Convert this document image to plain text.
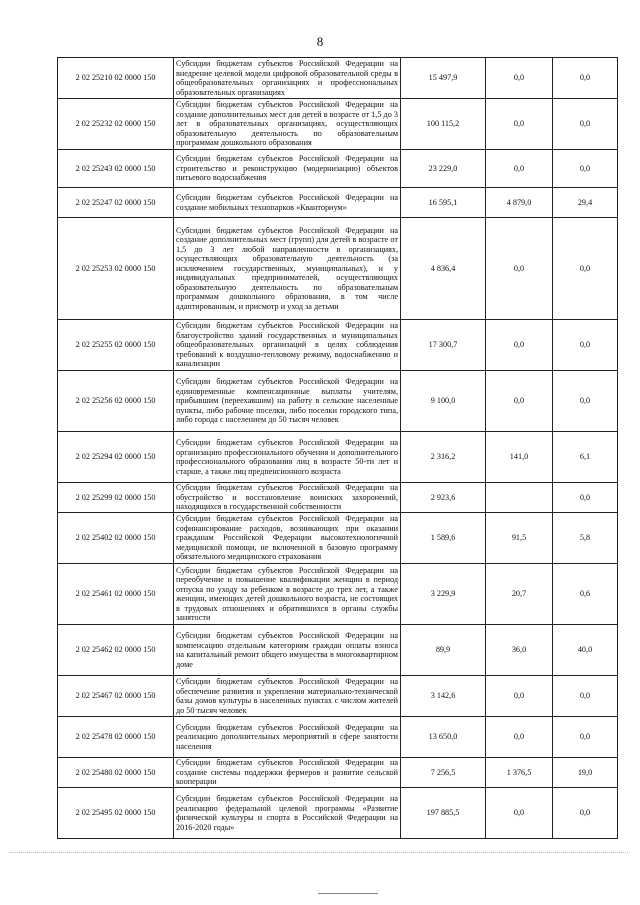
8
2 02 25210 02 0000 150	Субсидии бюджетам субъектов Российской Федерации на внедрение целевой модели цифровой образовательной среды в общеобразовательных организациях и профессиональных образовательных организациях	15 497,9	0,0	0,0
2 02 25232 02 0000 150	Субсидии бюджетам субъектов Российской Федерации на создание дополнительных мест для детей в возрасте от 1,5 до 3 лет в образовательных организациях, осуществляющих образовательную деятельность по образовательным программам дошкольного образования	100 115,2	0,0	0,0
2 02 25243 02 0000 150	Субсидии бюджетам субъектов Российской Федерации на строительство и реконструкцию (модернизацию) объектов питьевого водоснабжения	23 229,0	0,0	0,0
2 02 25247 02 0000 150	Субсидии бюджетам субъектов Российской Федерации на создание мобильных технопарков «Кванториум»	16 595,1	4 879,0	29,4
2 02 25253 02 0000 150	Субсидии бюджетам субъектов Российской Федерации на создание дополнительных мест (групп) для детей в возрасте от 1,5 до 3 лет любой направленности в организациях, осуществляющих образовательную деятельность (за исключением государственных, муниципальных), и у индивидуальных предпринимателей, осуществляющих образовательную деятельность по образовательным программам дошкольного образования, в том числе адаптированным, и присмотр и уход за детьми	4 836,4	0,0	0,0
2 02 25255 02 0000 150	Субсидии бюджетам субъектов Российской Федерации на благоустройство зданий государственных и муниципальных общеобразовательных организаций в целях соблюдения требований к воздушно-тепловому режиму, водоснабжению и канализации	17 300,7	0,0	0,0
2 02 25256 02 0000 150	Субсидии бюджетам субъектов Российской Федерации на единовременные компенсационные выплаты учителям, прибывшим (переехавшим) на работу в сельские населенные пункты, либо рабочие поселки, либо поселки городского типа, либо города с населением до 50 тысяч человек	9 100,0	0,0	0,0
2 02 25294 02 0000 150	Субсидии бюджетам субъектов Российской Федерации на организацию профессионального обучения и дополнительного профессионального образования лиц в возрасте 50-ти лет и старше, а также лиц предпенсионного возраста	2 316,2	141,0	6,1
2 02 25299 02 0000 150	Субсидии бюджетам субъектов Российской Федерации на обустройство и восстановление воинских захоронений, находящихся в государственной собственности	2 923,6		0,0
2 02 25402 02 0000 150	Субсидии бюджетам субъектов Российской Федерации на софинансирование расходов, возникающих при оказании гражданам Российской Федерации высокотехнологичной медицинской помощи, не включенной в базовую программу обязательного медицинского страхования	1 589,6	91,5	5,8
2 02 25461 02 0000 150	Субсидии бюджетам субъектов Российской Федерации на переобучение и повышение квалификации женщин в период отпуска по уходу за ребенком в возрасте до трех лет, а также женщин, имеющих детей дошкольного возраста, не состоящих в трудовых отношениях и обратившихся в органы службы занятости	3 229,9	20,7	0,6
2 02 25462 02 0000 150	Субсидии бюджетам субъектов Российской Федерации на компенсацию отдельным категориям граждан оплаты взноса на капитальный ремонт общего имущества в многоквартирном доме	89,9	36,0	40,0
2 02 25467 02 0000 150	Субсидии бюджетам субъектов Российской Федерации на обеспечение развития и укрепления материально-технической базы домов культуры в населенных пунктах с числом жителей до 50 тысяч человек	3 142,6	0,0	0,0
2 02 25478 02 0000 150	Субсидии бюджетам субъектов Российской Федерации на реализацию дополнительных мероприятий в сфере занятости населения	13 650,0	0,0	0,0
2 02 25480 02 0000 150	Субсидии бюджетам субъектов Российской Федерации на создание системы поддержки фермеров и развитие сельской кооперации	7 256,5	1 376,5	19,0
2 02 25495 02 0000 150	Субсидии бюджетам субъектов Российской Федерации на реализацию федеральной целевой программы «Развитие физической культуры и спорта в Российской Федерации на 2016-2020 годы»	197 885,5	0,0	0,0
